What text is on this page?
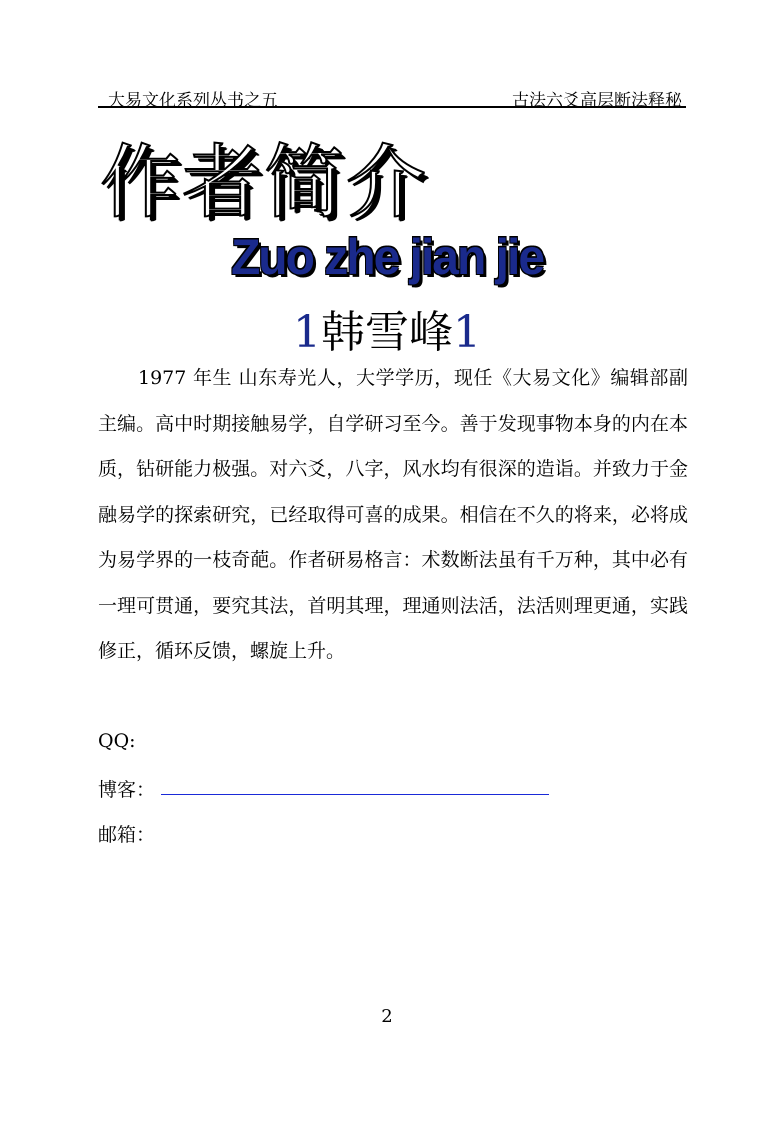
大易文化系列丛书之五	古法六爻高层断法释秘
作者简介
Zuo zhe jian jie
1韩雪峰1
1977 年生 山东寿光人，大学学历，现任《大易文化》编辑部副主编。高中时期接触易学，自学研习至今。善于发现事物本身的内在本质，钻研能力极强。对六爻，八字，风水均有很深的造诣。并致力于金融易学的探索研究，已经取得可喜的成果。相信在不久的将来，必将成为易学界的一枝奇葩。作者研易格言：术数断法虽有千万种，其中必有一理可贯通，要究其法，首明其理，理通则法活，法活则理更通，实践修正，循环反馈，螺旋上升。
QQ:
博客：
邮箱：
2
